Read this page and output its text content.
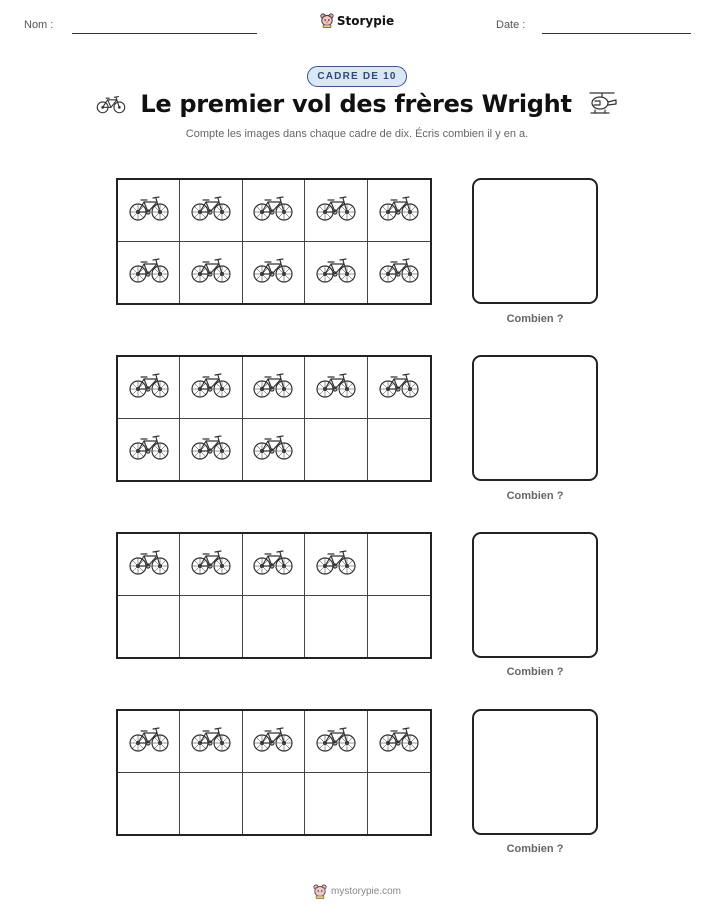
Nom :	Storypie	Date :
CADRE DE 10
Le premier vol des frères Wright
Compte les images dans chaque cadre de dix. Écris combien il y en a.
Combien ?
Combien ?
Combien ?
Combien ?
mystorypie.com
